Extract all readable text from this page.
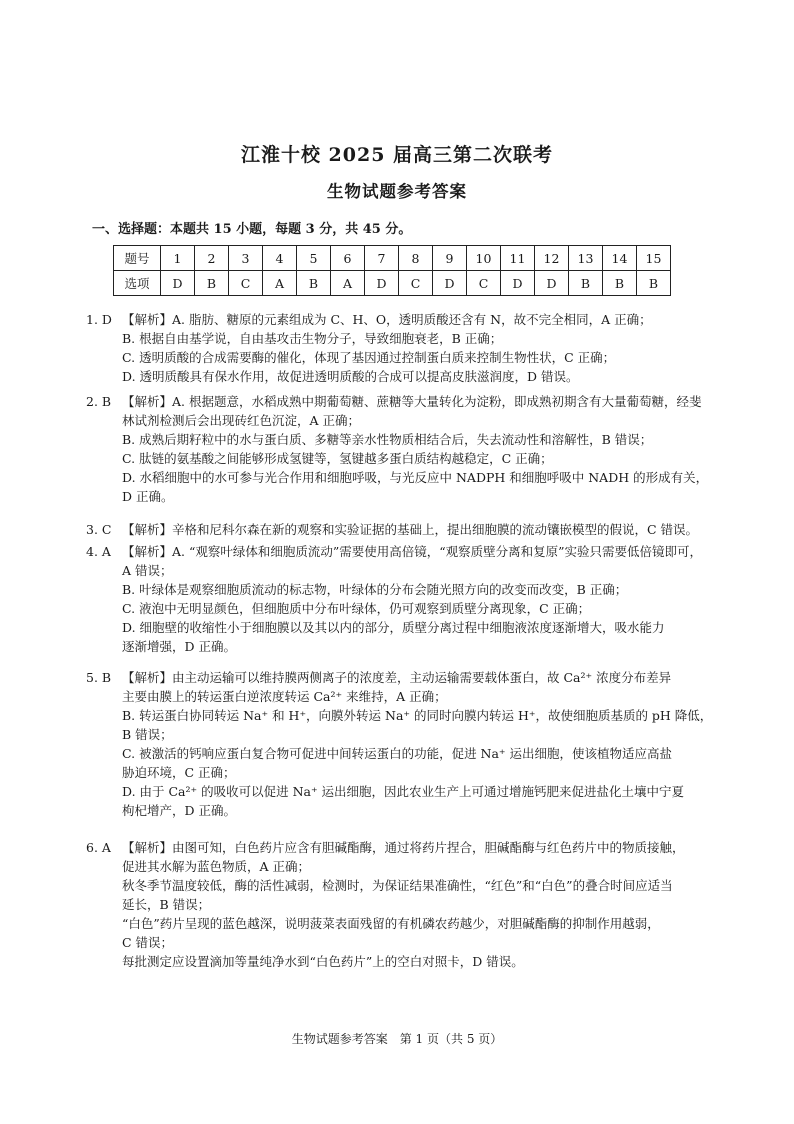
江淮十校 2025 届高三第二次联考
生物试题参考答案
一、选择题：本题共 15 小题，每题 3 分，共 45 分。
题号	1	2	3	4	5	6	7	8	9	10	11	12	13	14	15
选项	D	B	C	A	B	A	D	C	D	C	D	D	B	B	B
1. D 【解析】A. 脂肪、糖原的元素组成为 C、H、O，透明质酸还含有 N，故不完全相同，A 正确；
B. 根据自由基学说，自由基攻击生物分子，导致细胞衰老，B 正确；
C. 透明质酸的合成需要酶的催化，体现了基因通过控制蛋白质来控制生物性状，C 正确；
D. 透明质酸具有保水作用，故促进透明质酸的合成可以提高皮肤滋润度，D 错误。
2. B 【解析】A. 根据题意，水稻成熟中期葡萄糖、蔗糖等大量转化为淀粉，即成熟初期含有大量葡萄糖，经斐
林试剂检测后会出现砖红色沉淀，A 正确；
B. 成熟后期籽粒中的水与蛋白质、多糖等亲水性物质相结合后，失去流动性和溶解性，B 错误；
C. 肽链的氨基酸之间能够形成氢键等，氢键越多蛋白质结构越稳定，C 正确；
D. 水稻细胞中的水可参与光合作用和细胞呼吸，与光反应中 NADPH 和细胞呼吸中 NADH 的形成有关，
D 正确。
3. C 【解析】辛格和尼科尔森在新的观察和实验证据的基础上，提出细胞膜的流动镶嵌模型的假说，C 错误。
4. A 【解析】A. “观察叶绿体和细胞质流动”需要使用高倍镜，“观察质壁分离和复原”实验只需要低倍镜即可，
A 错误；
B. 叶绿体是观察细胞质流动的标志物，叶绿体的分布会随光照方向的改变而改变，B 正确；
C. 液泡中无明显颜色，但细胞质中分布叶绿体，仍可观察到质壁分离现象，C 正确；
D. 细胞壁的收缩性小于细胞膜以及其以内的部分，质壁分离过程中细胞液浓度逐渐增大，吸水能力
逐渐增强，D 正确。
5. B 【解析】由主动运输可以维持膜两侧离子的浓度差，主动运输需要载体蛋白，故 Ca²⁺ 浓度分布差异
主要由膜上的转运蛋白逆浓度转运 Ca²⁺ 来维持，A 正确；
B. 转运蛋白协同转运 Na⁺ 和 H⁺，向膜外转运 Na⁺ 的同时向膜内转运 H⁺，故使细胞质基质的 pH 降低，
B 错误；
C. 被激活的钙响应蛋白复合物可促进中间转运蛋白的功能，促进 Na⁺ 运出细胞，使该植物适应高盐
胁迫环境，C 正确；
D. 由于 Ca²⁺ 的吸收可以促进 Na⁺ 运出细胞，因此农业生产上可通过增施钙肥来促进盐化土壤中宁夏
枸杞增产，D 正确。
6. A 【解析】由图可知，白色药片应含有胆碱酯酶，通过将药片捏合，胆碱酯酶与红色药片中的物质接触，
促进其水解为蓝色物质，A 正确；
秋冬季节温度较低，酶的活性减弱，检测时，为保证结果准确性，“红色”和“白色”的叠合时间应适当
延长，B 错误；
“白色”药片呈现的蓝色越深，说明菠菜表面残留的有机磷农药越少，对胆碱酯酶的抑制作用越弱，
C 错误；
每批测定应设置滴加等量纯净水到“白色药片”上的空白对照卡，D 错误。
生物试题参考答案　第 1 页（共 5 页）
